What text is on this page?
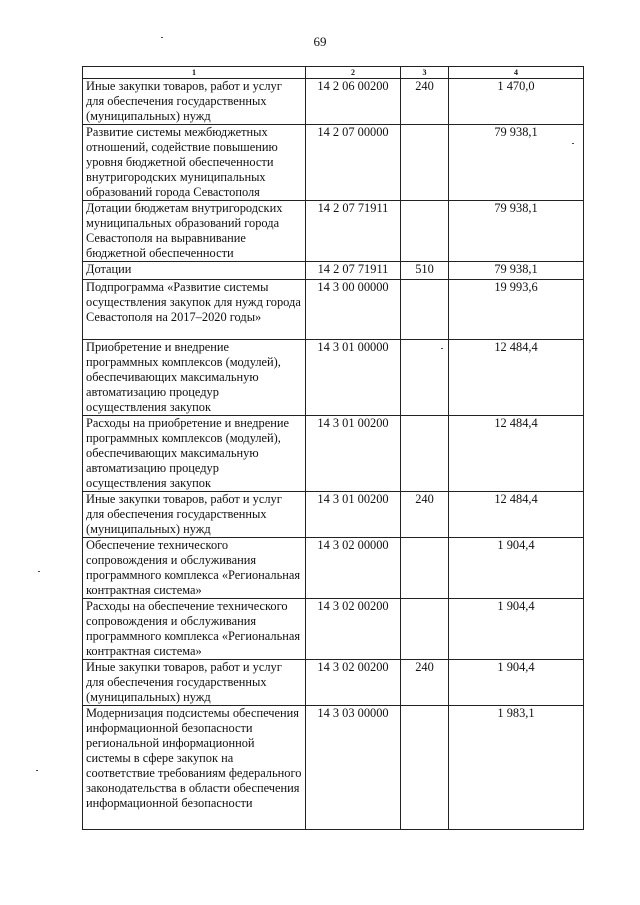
69
1	2	3	4
Иные закупки товаров, работ и услуг для обеспечения государственных (муниципальных) нужд	14 2 06 00200	240	1 470,0
Развитие системы межбюджетных отношений, содействие повышению уровня бюджетной обеспеченности внутригородских муниципальных образований города Севастополя	14 2 07 00000		79 938,1
Дотации бюджетам внутригородских муниципальных образований города Севастополя на выравнивание бюджетной обеспеченности	14 2 07 71911		79 938,1
Дотации	14 2 07 71911	510	79 938,1
Подпрограмма «Развитие системы осуществления закупок для нужд города Севастополя на 2017–2020 годы»	14 3 00 00000		19 993,6
Приобретение и внедрение программных комплексов (модулей), обеспечивающих максимальную автоматизацию процедур осуществления закупок	14 3 01 00000		12 484,4
Расходы на приобретение и внедрение программных комплексов (модулей), обеспечивающих максимальную автоматизацию процедур осуществления закупок	14 3 01 00200		12 484,4
Иные закупки товаров, работ и услуг для обеспечения государственных (муниципальных) нужд	14 3 01 00200	240	12 484,4
Обеспечение технического сопровождения и обслуживания программного комплекса «Региональная контрактная система»	14 3 02 00000		1 904,4
Расходы на обеспечение технического сопровождения и обслуживания программного комплекса «Региональная контрактная система»	14 3 02 00200		1 904,4
Иные закупки товаров, работ и услуг для обеспечения государственных (муниципальных) нужд	14 3 02 00200	240	1 904,4
Модернизация подсистемы обеспечения информационной безопасности региональной информационной системы в сфере закупок на соответствие требованиям федерального законодательства в области обеспечения информационной безопасности	14 3 03 00000		1 983,1
